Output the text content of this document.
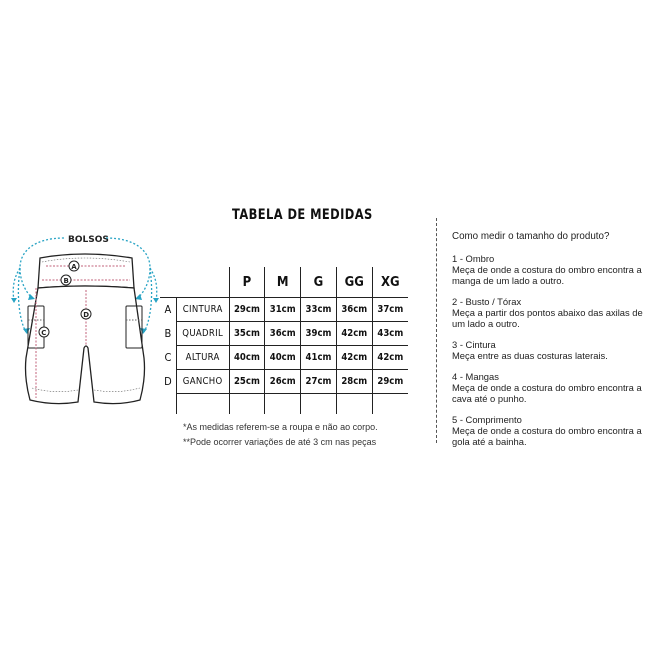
TABELA DE MEDIDAS
BOLSOS
A
B
C
D
		P	M	G	GG	XG
A	CINTURA	29cm	31cm	33cm	36cm	37cm
B	QUADRIL	35cm	36cm	39cm	42cm	43cm
C	ALTURA	40cm	40cm	41cm	42cm	42cm
D	GANCHO	25cm	26cm	27cm	28cm	29cm

*As medidas referem-se a roupa e não ao corpo.
**Pode ocorrer variações de até 3 cm nas peças
Como medir o tamanho do produto?
1 - Ombro
Meça de onde a costura do ombro encontra a manga de um lado a outro.
2 - Busto / Tórax
Meça a partir dos pontos abaixo das axilas de um lado a outro.
3 - Cintura
Meça entre as duas costuras laterais.
4 - Mangas
Meça de onde a costura do ombro encontra a cava até o punho.
5 - Comprimento
Meça de onde a costura do ombro encontra a gola até a bainha.
